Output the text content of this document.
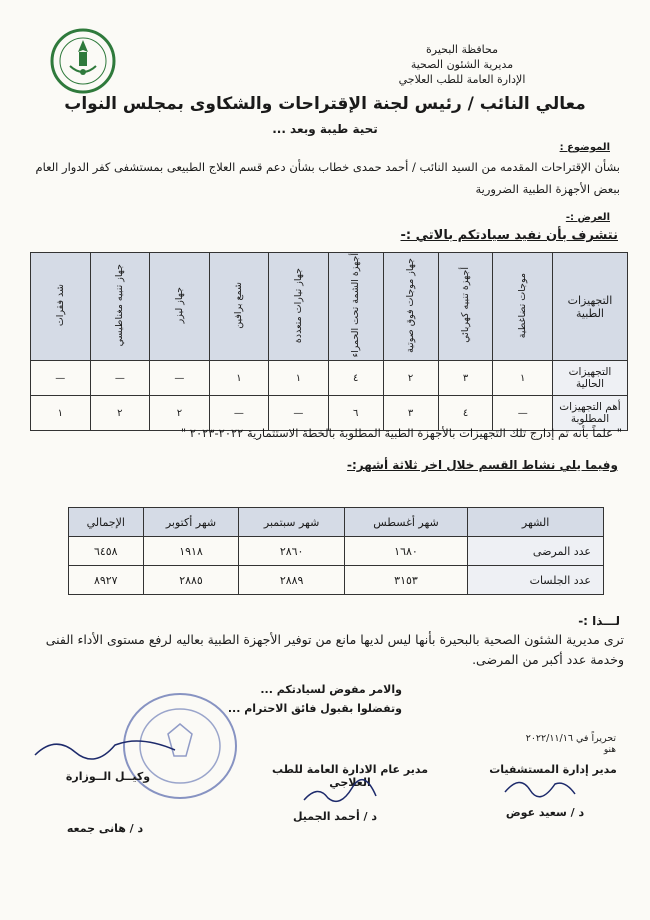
محافظة البحيرة
مديرية الشئون الصحية
الإدارة العامة للطب العلاجي
معالي النائب / رئيس لجنة الإقتراحات والشكاوى بمجلس النواب
تحية طيبة وبعد ...
الموضوع :
بشأن الإقتراحات المقدمه من السيد النائب / أحمد حمدى خطاب بشأن دعم قسم العلاج الطبيعى بمستشفى كفر الدوار العام ببعض الأجهزة الطبية الضرورية
العرض :-
نتشرف بأن نفيد سيادتكم بالاتي :-
التجهيزات الطبية	موجات تضاغطية	أجهزة تنبيه كهربائي	جهاز موجات فوق صوتية	أجهزة الشمة تحت الحمراء	جهاز تيارات متعددة	شمع برافين	جهاز ليزر	جهاز تنبيه مغناطيسي	شد فقرات
التجهيزات الحالية	١	٣	٢	٤	١	١	—	—	—
أهم التجهيزات المطلوبة	—	٤	٣	٦	—	—	٢	٢	١
" علماً بأنه تم إدارج تلك التجهيزات بالأجهزة الطبية المطلوبة بالخطة الاستثمارية ٢٠٢٢-٢٠٢٣ "
وفيما يلي نشاط القسم خلال اخر ثلاثة أشهر:-
الشهر	شهر أغسطس	شهر سبتمبر	شهر أكتوبر	الإجمالي
عدد المرضى	١٦٨٠	٢٨٦٠	١٩١٨	٦٤٥٨
عدد الجلسات	٣١٥٣	٢٨٨٩	٢٨٨٥	٨٩٢٧
لـــذا :-
ترى مديرية الشئون الصحية بالبحيرة بأنها ليس لديها مانع من توفير الأجهزة الطبية بعاليه لرفع مستوى الأداء الفنى وخدمة عدد أكبر من المرضى.
والامر مفوض لسيادتكم ...
وتفضلوا بقبول فائق الاحترام ...
تحريراً في ٢٠٢٢/١١/١٦
هنو
مدير إدارة المستشفيات
مدير عام الادارة العامة للطب العلاجي
وكيــل الــوزارة
د / سعيد عوض
د / أحمد الجميل
د / هانى جمعه
